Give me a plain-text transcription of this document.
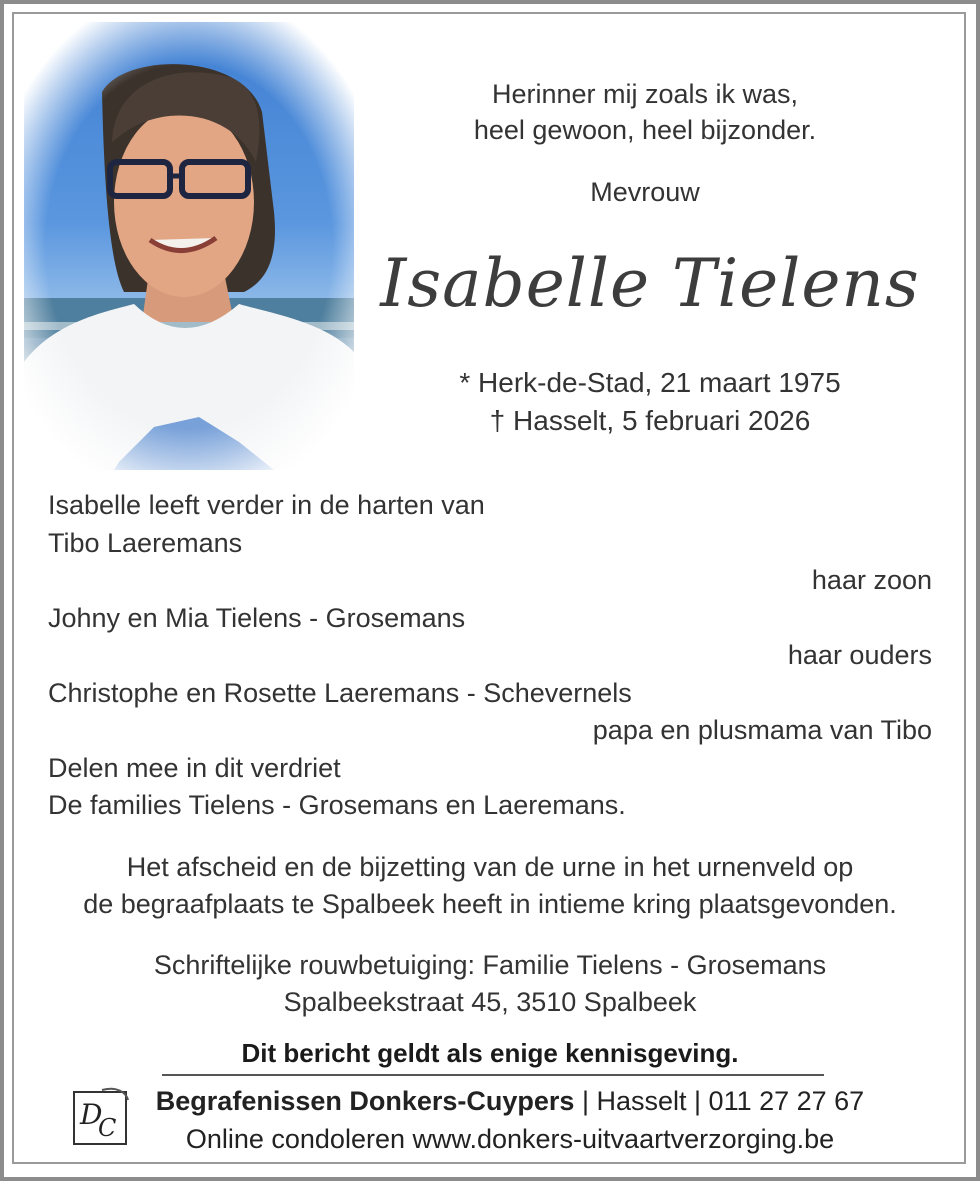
Herinner mij zoals ik was,
heel gewoon, heel bijzonder.
Mevrouw
Isabelle Tielens
* Herk-de-Stad, 21 maart 1975
† Hasselt, 5 februari 2026
Isabelle leeft verder in de harten van
Tibo Laeremans
haar zoon
Johny en Mia Tielens - Grosemans
haar ouders
Christophe en Rosette Laeremans - Schevernels
papa en plusmama van Tibo
Delen mee in dit verdriet
De families Tielens - Grosemans en Laeremans.
Het afscheid en de bijzetting van de urne in het urnenveld op
de begraafplaats te Spalbeek heeft in intieme kring plaatsgevonden.
Schriftelijke rouwbetuiging: Familie Tielens - Grosemans
Spalbeekstraat 45, 3510 Spalbeek
Dit bericht geldt als enige kennisgeving.
D
C
Begrafenissen Donkers-Cuypers | Hasselt | 011 27 27 67
Online condoleren www.donkers-uitvaartverzorging.be
